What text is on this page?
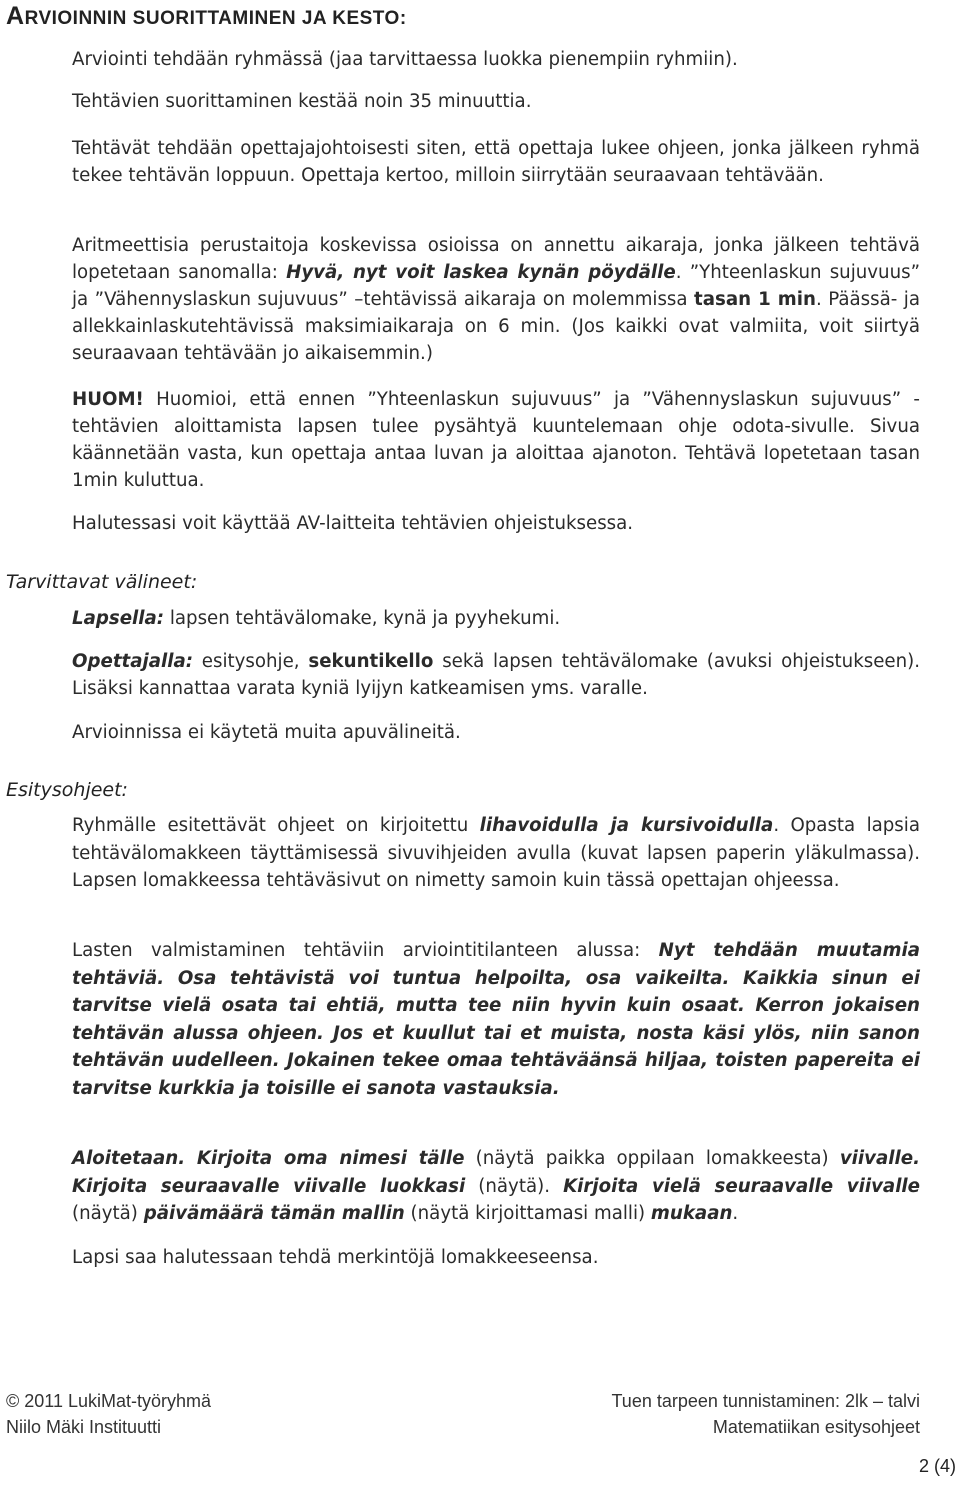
ARVIOINNIN SUORITTAMINEN JA KESTO:

Arviointi tehdään ryhmässä (jaa tarvittaessa luokka pienempiin ryhmiin).

Tehtävien suorittaminen kestää noin 35 minuuttia.

Tehtävät tehdään opettajajohtoisesti siten, että opettaja lukee ohjeen, jonka jälkeen ryhmä tekee tehtävän loppuun. Opettaja kertoo, milloin siirrytään seuraavaan tehtävään.

Aritmeettisia perustaitoja koskevissa osioissa on annettu aikaraja, jonka jälkeen tehtävä lopetetaan sanomalla: Hyvä, nyt voit laskea kynän pöydälle. ”Yhteenlaskun sujuvuus” ja ”Vähennyslaskun sujuvuus” –tehtävissä aikaraja on molemmissa tasan 1 min. Päässä- ja allekkainlaskutehtävissä maksimiaikaraja on 6 min. (Jos kaikki ovat valmiita, voit siirtyä seuraavaan tehtävään jo aikaisemmin.)

HUOM! Huomioi, että ennen ”Yhteenlaskun sujuvuus” ja ”Vähennyslaskun sujuvuus” -tehtävien aloittamista lapsen tulee pysähtyä kuuntelemaan ohje odota-sivulle. Sivua käännetään vasta, kun opettaja antaa luvan ja aloittaa ajanoton. Tehtävä lopetetaan tasan 1min kuluttua.

Halutessasi voit käyttää AV-laitteita tehtävien ohjeistuksessa.

Tarvittavat välineet:

Lapsella: lapsen tehtävälomake, kynä ja pyyhekumi.

Opettajalla: esitysohje, sekuntikello sekä lapsen tehtävälomake (avuksi ohjeistukseen). Lisäksi kannattaa varata kyniä lyijyn katkeamisen yms. varalle.

Arvioinnissa ei käytetä muita apuvälineitä.

Esitysohjeet:

Ryhmälle esitettävät ohjeet on kirjoitettu lihavoidulla ja kursivoidulla. Opasta lapsia tehtävälomakkeen täyttämisessä sivuvihjeiden avulla (kuvat lapsen paperin yläkulmassa). Lapsen lomakkeessa tehtäväsivut on nimetty samoin kuin tässä opettajan ohjeessa.

Lasten valmistaminen tehtäviin arviointitilanteen alussa: Nyt tehdään muutamia tehtäviä. Osa tehtävistä voi tuntua helpoilta, osa vaikeilta. Kaikkia sinun ei tarvitse vielä osata tai ehtiä, mutta tee niin hyvin kuin osaat. Kerron jokaisen tehtävän alussa ohjeen. Jos et kuullut tai et muista, nosta käsi ylös, niin sanon tehtävän uudelleen. Jokainen tekee omaa tehtäväänsä hiljaa, toisten papereita ei tarvitse kurkkia ja toisille ei sanota vastauksia.

Aloitetaan. Kirjoita oma nimesi tälle (näytä paikka oppilaan lomakkeesta) viivalle. Kirjoita seuraavalle viivalle luokkasi (näytä). Kirjoita vielä seuraavalle viivalle (näytä) päivämäärä tämän mallin (näytä kirjoittamasi malli) mukaan.

Lapsi saa halutessaan tehdä merkintöjä lomakkeeseensa.

© 2011 LukiMat-työryhmä
Niilo Mäki Instituutti
Tuen tarpeen tunnistaminen: 2lk – talvi
Matematiikan esitysohjeet
2 (4)
